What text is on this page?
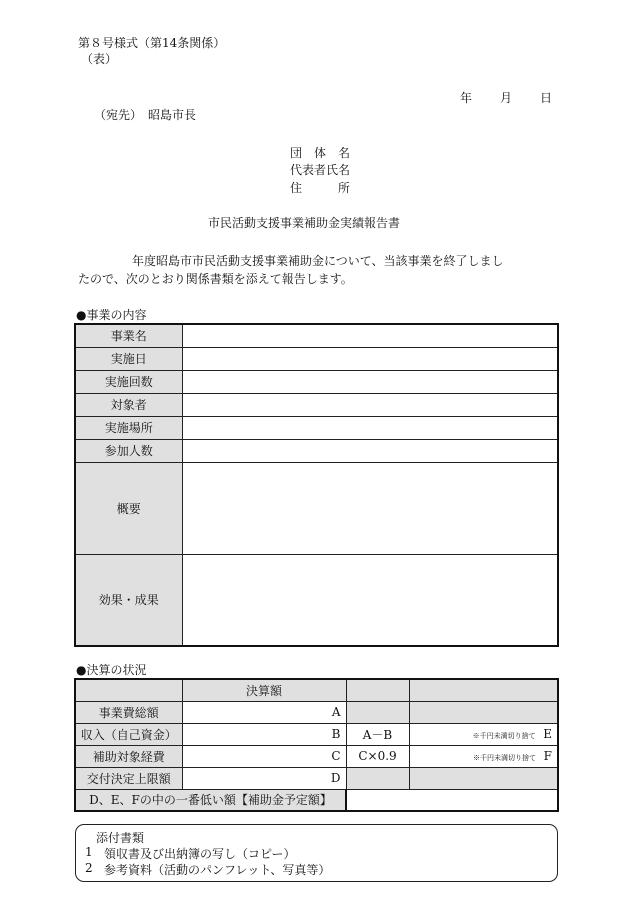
第８号様式（第14条関係）
（表）
年 月 日
（宛先）　昭島市長
団　体　名
代表者氏名
住　　　所
市民活動支援事業補助金実績報告書
年度昭島市市民活動支援事業補助金について、当該事業を終了しまし
たので、次のとおり関係書類を添えて報告します。
●事業の内容
事業名	
実施日	
実施回数	
対象者	
実施場所	
参加人数	
概要	
効果・成果	
●決算の状況
	決算額		
事業費総額	A		
収入（自己資金）	B	A－B	※千円未満切り捨て E
補助対象経費	C	C×0.9	※千円未満切り捨て F
交付決定上限額	D		
D、E、Fの中の一番低い額【補助金予定額】			
添付書類
1 領収書及び出納簿の写し（コピー）
2 参考資料（活動のパンフレット、写真等）
